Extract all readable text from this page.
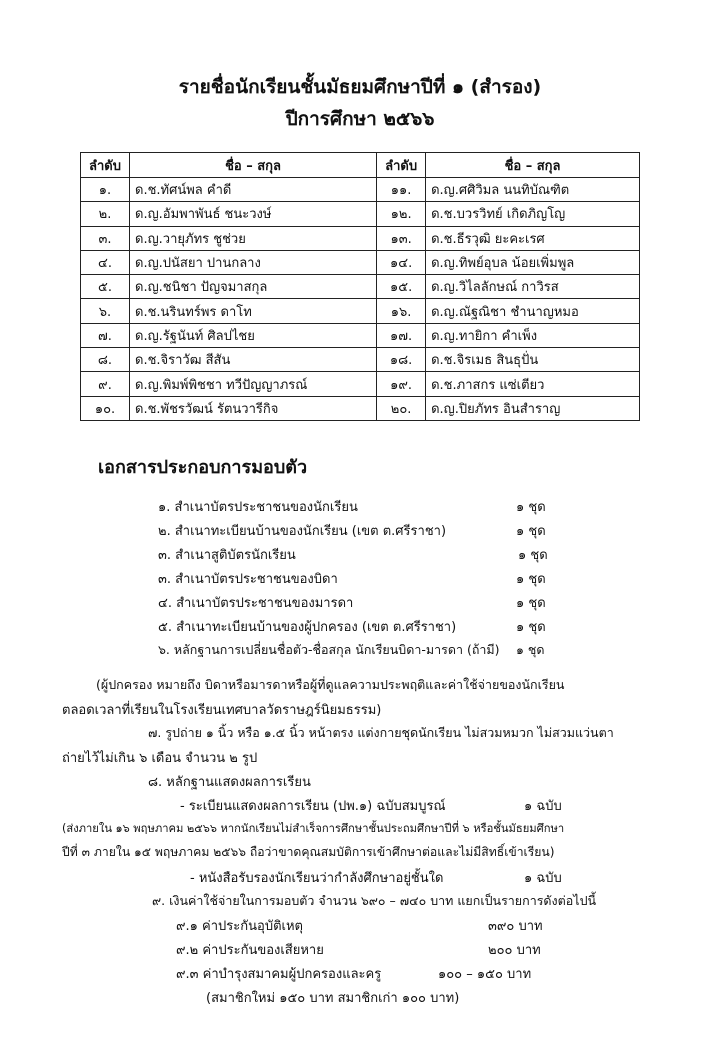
รายชื่อนักเรียนชั้นมัธยมศึกษาปีที่ ๑ (สำรอง)
ปีการศึกษา ๒๕๖๖
ลำดับ	ชื่อ – สกุล	ลำดับ	ชื่อ – สกุล
๑.	ด.ช.ทัศน์พล คำดี	๑๑.	ด.ญ.ศศิวิมล นนทิบัณฑิต
๒.	ด.ญ.อัมพาพันธ์ ชนะวงษ์	๑๒.	ด.ช.บวรวิทย์ เกิดภิญโญ
๓.	ด.ญ.วายุภัทร ชูช่วย	๑๓.	ด.ช.ธีรวุฒิ ยะคะเรศ
๔.	ด.ญ.ปนัสยา ปานกลาง	๑๔.	ด.ญ.ทิพย์อุบล น้อยเพิ่มพูล
๕.	ด.ญ.ชนิชา ปัญจมาสกุล	๑๕.	ด.ญ.วิไลลักษณ์ กาวิรส
๖.	ด.ช.นรินทร์พร ดาโท	๑๖.	ด.ญ.ณัฐณิชา ชำนาญหมอ
๗.	ด.ญ.รัฐนันท์ ศิลปไชย	๑๗.	ด.ญ.ทายิกา คำเพ็ง
๘.	ด.ช.จิราวัฒ สีสัน	๑๘.	ด.ช.จิรเมธ สินธุปั่น
๙.	ด.ญ.พิมพ์พิชชา ทวีปัญญาภรณ์	๑๙.	ด.ช.ภาสกร แซ่เตียว
๑๐.	ด.ช.พัชรวัฒน์ รัตนวารีกิจ	๒๐.	ด.ญ.ปิยภัทร อินสำราญ
เอกสารประกอบการมอบตัว
๑. สำเนาบัตรประชาชนของนักเรียน	๑ ชุด
๒. สำเนาทะเบียนบ้านของนักเรียน (เขต ต.ศรีราชา)	๑ ชุด
๓. สำเนาสูติบัตรนักเรียน	๑ ชุด
๓. สำเนาบัตรประชาชนของบิดา	๑ ชุด
๔. สำเนาบัตรประชาชนของมารดา	๑ ชุด
๕. สำเนาทะเบียนบ้านของผู้ปกครอง (เขต ต.ศรีราชา)	๑ ชุด
๖. หลักฐานการเปลี่ยนชื่อตัว-ชื่อสกุล นักเรียนบิดา-มารดา (ถ้ามี) ๑ ชุด
(ผู้ปกครอง หมายถึง บิดาหรือมารดาหรือผู้ที่ดูแลความประพฤติและค่าใช้จ่ายของนักเรียน
ตลอดเวลาที่เรียนในโรงเรียนเทศบาลวัดราษฎร์นิยมธรรม)
๗. รูปถ่าย ๑ นิ้ว หรือ ๑.๕ นิ้ว หน้าตรง แต่งกายชุดนักเรียน ไม่สวมหมวก ไม่สวมแว่นตา
ถ่ายไว้ไม่เกิน ๖ เดือน จำนวน ๒ รูป
๘. หลักฐานแสดงผลการเรียน
- ระเบียนแสดงผลการเรียน (ปพ.๑) ฉบับสมบูรณ์	๑ ฉบับ
(ส่งภายใน ๑๖ พฤษภาคม ๒๕๖๖ หากนักเรียนไม่สำเร็จการศึกษาชั้นประถมศึกษาปีที่ ๖ หรือชั้นมัธยมศึกษา
ปีที่ ๓ ภายใน ๑๕ พฤษภาคม ๒๕๖๖ ถือว่าขาดคุณสมบัติการเข้าศึกษาต่อและไม่มีสิทธิ์เข้าเรียน)
- หนังสือรับรองนักเรียนว่ากำลังศึกษาอยู่ชั้นใด	๑ ฉบับ
๙. เงินค่าใช้จ่ายในการมอบตัว จำนวน ๖๙๐ – ๗๔๐ บาท แยกเป็นรายการดังต่อไปนี้
๙.๑ ค่าประกันอุบัติเหตุ	๓๙๐ บาท
๙.๒ ค่าประกันของเสียหาย	๒๐๐ บาท
๙.๓ ค่าบำรุงสมาคมผู้ปกครองและครู	๑๐๐ – ๑๕๐ บาท
(สมาชิกใหม่ ๑๕๐ บาท สมาชิกเก่า ๑๐๐ บาท)
